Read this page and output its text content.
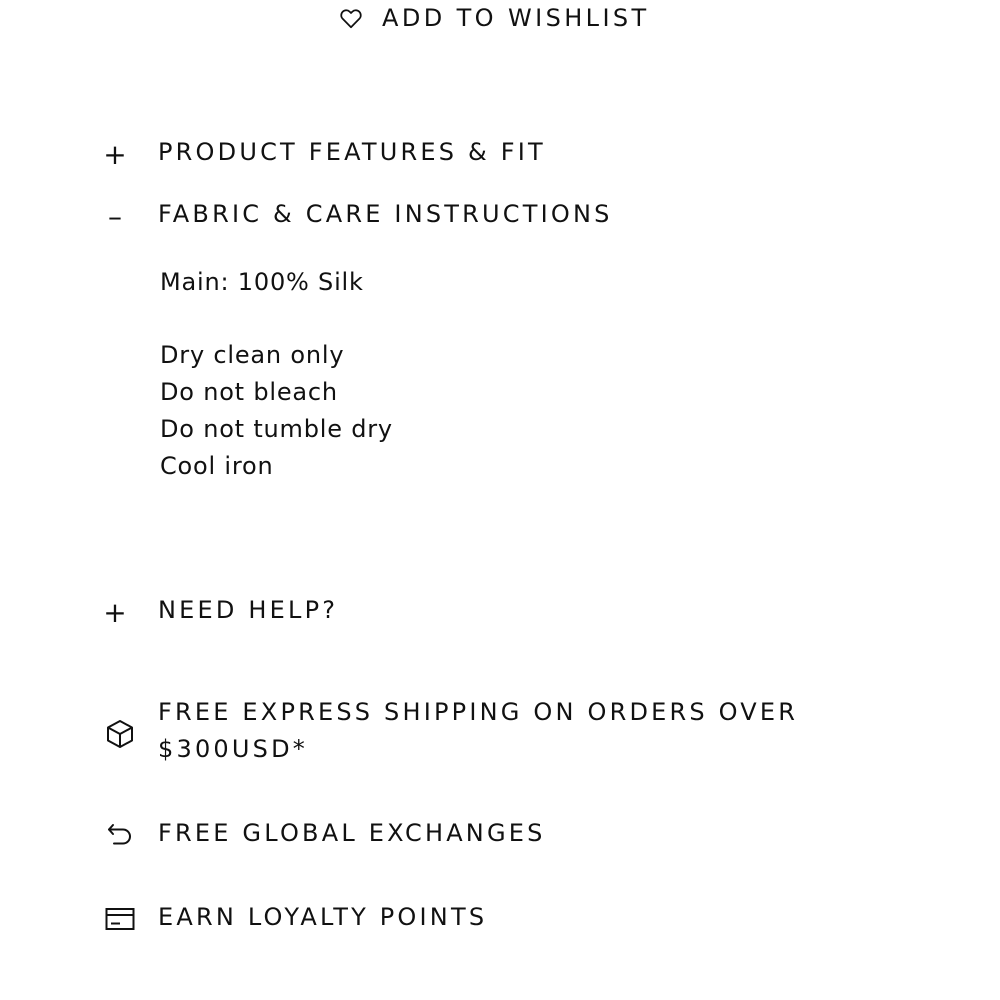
ADD TO WISHLIST
+ PRODUCT FEATURES & FIT
–	FABRIC & CARE INSTRUCTIONS
Main: 100% Silk
Dry clean only
Do not bleach
Do not tumble dry
Cool iron
+ NEED HELP?
FREE EXPRESS SHIPPING ON ORDERS OVER
$300USD*
FREE GLOBAL EXCHANGES
EARN LOYALTY POINTS
